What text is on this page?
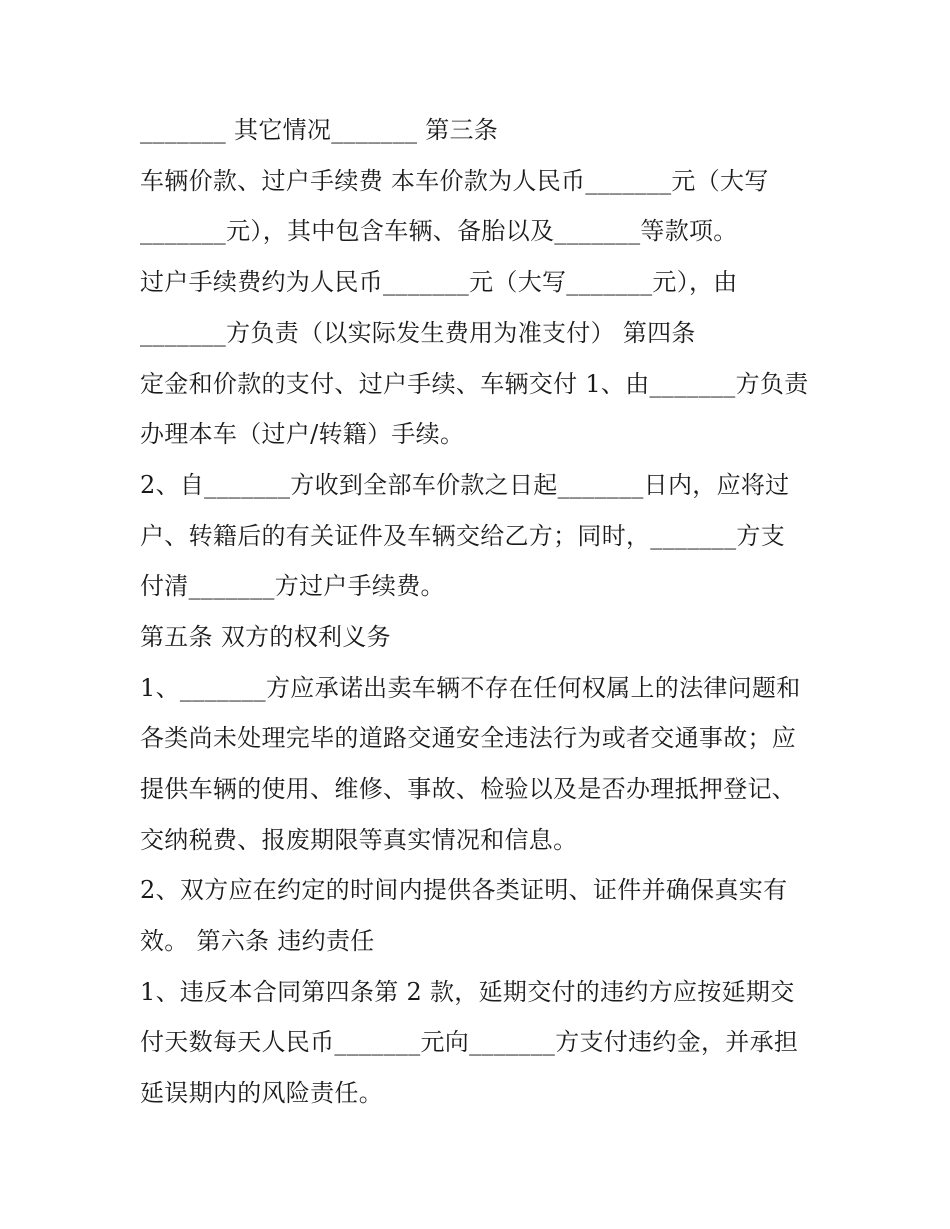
_______ 其它情况_______ 第三条
车辆价款、过户手续费 本车价款为人民币_______元（大写
_______元），其中包含车辆、备胎以及_______等款项。
过户手续费约为人民币_______元（大写_______元），由
_______方负责（以实际发生费用为准支付） 第四条
定金和价款的支付、过户手续、车辆交付 1、由_______方负责
办理本车（过户/转籍）手续。
2、自_______方收到全部车价款之日起_______日内，应将过
户、转籍后的有关证件及车辆交给乙方；同时，_______方支
付清_______方过户手续费。
第五条 双方的权利义务
1、_______方应承诺出卖车辆不存在任何权属上的法律问题和
各类尚未处理完毕的道路交通安全违法行为或者交通事故；应
提供车辆的使用、维修、事故、检验以及是否办理抵押登记、
交纳税费、报废期限等真实情况和信息。
2、双方应在约定的时间内提供各类证明、证件并确保真实有
效。 第六条 违约责任
1、违反本合同第四条第 2 款，延期交付的违约方应按延期交
付天数每天人民币_______元向_______方支付违约金，并承担
延误期内的风险责任。
